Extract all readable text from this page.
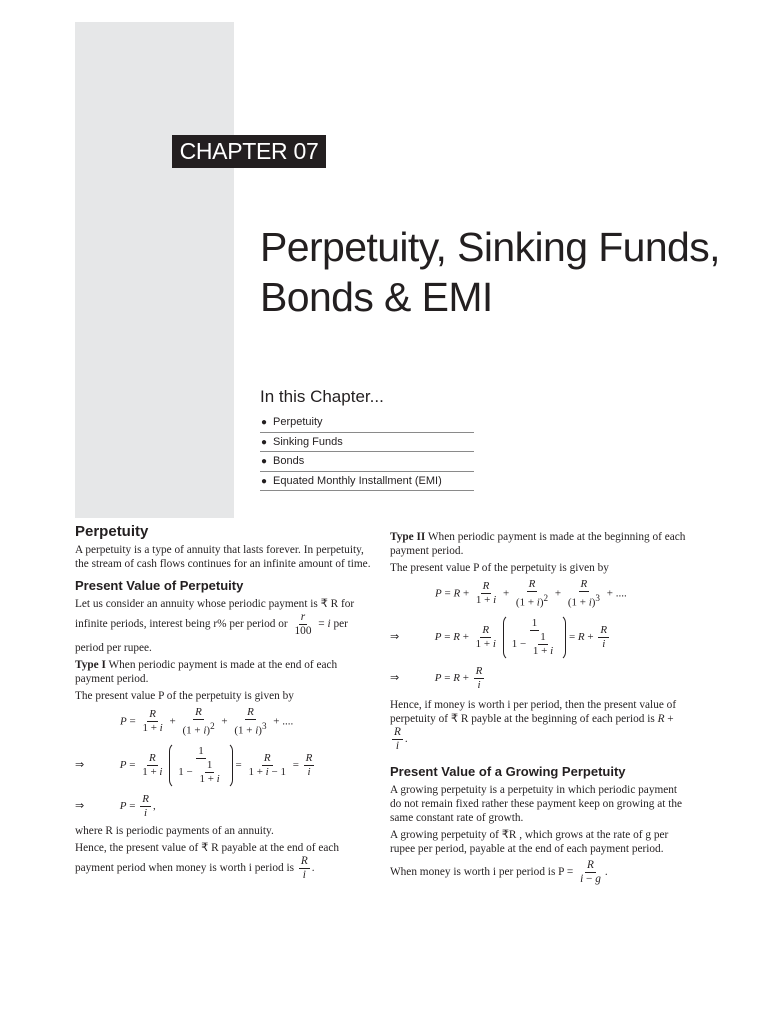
CHAPTER 07
Perpetuity, Sinking Funds, Bonds & EMI
In this Chapter...
● Perpetuity
● Sinking Funds
● Bonds
● Equated Monthly Installment (EMI)
Perpetuity

A perpetuity is a type of annuity that lasts forever. In perpetuity, the stream of cash flows continues for an infinite amount of time.

Present Value of Perpetuity

Let us consider an annuity whose periodic payment is ₹ R for infinite periods, interest being r% per period or $\frac{r}{100} = i$ per

period per rupee.

Type I When periodic payment is made at the end of each payment period.

The present value P of the perpetuity is given by

$P = \frac{R}{1 + i} + \frac{R}{(1 + i)^2} + \frac{R}{(1 + i)^3}$ + ....
⇒	$P = \frac{R}{1 + i}$
$\frac{1}{1 - \frac{1}{1 + i}} = \frac{R}{1 + i - 1} = \frac{R}{i}$
⇒	$P = \frac{R}{i}$ ,

where R is periodic payments of an annuity.

Hence, the present value of ₹ R payable at the end of each payment period when money is worth i period is $\frac{R}{i}$ .

Type II When periodic payment is made at the beginning of each payment period.

The present value P of the perpetuity is given by

$P = R + \frac{R}{1 + i} + \frac{R}{(1 + i)^2} + \frac{R}{(1 + i)^3}$ + ....
⇒	$P = R + \frac{R}{1 + i}$
$\frac{1}{1 - \frac{1}{1 + i}} = R + \frac{R}{i}$
⇒	$P = R + \frac{R}{i}$

Hence, if money is worth i per period, then the present value of perpetuity of ₹ R payble at the beginning of each period is R +
$\frac{R}{i}$ .

Present Value of a Growing Perpetuity

A growing perpetuity is a perpetuity in which periodic payment do not remain fixed rather these payment keep on growing at the same constant rate of growth.

A growing perpetuity of ₹R , which grows at the rate of g per rupee per period, payable at the end of each payment period.

When money is worth i per period is $P = \frac{R}{i - g}$ .
